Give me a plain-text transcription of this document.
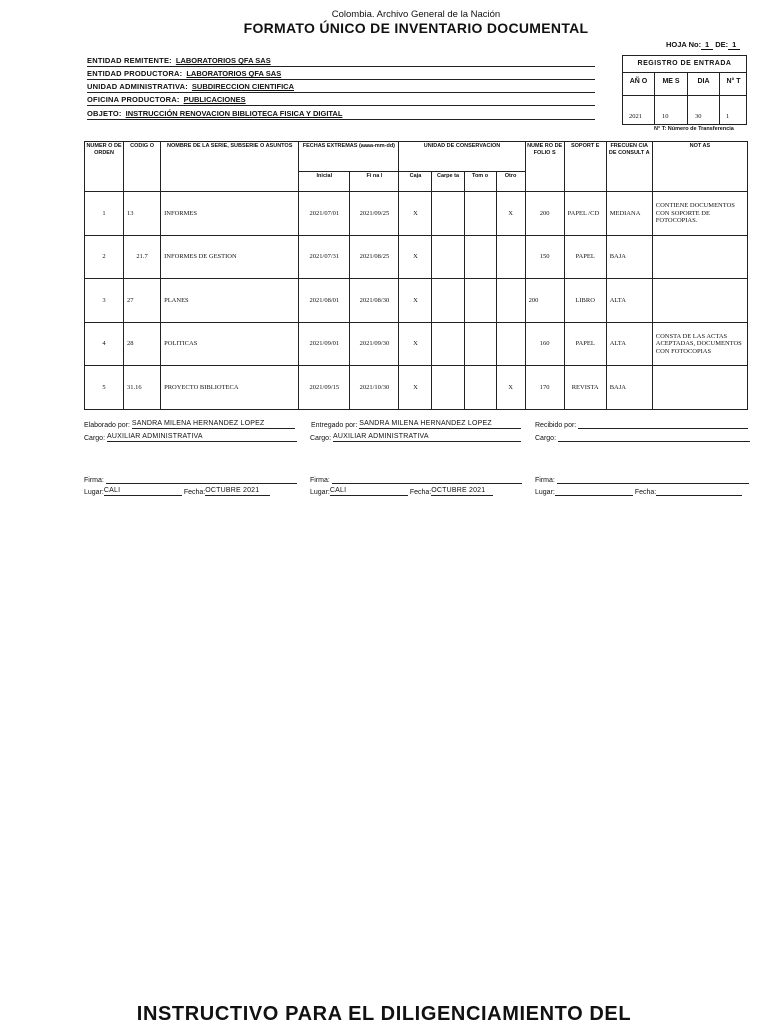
Colombia. Archivo General de la Nación
FORMATO ÚNICO DE INVENTARIO DOCUMENTAL
HOJA No: 1 DE: 1
ENTIDAD REMITENTE: LABORATORIOS QFA SAS
ENTIDAD PRODUCTORA: LABORATORIOS QFA SAS
UNIDAD ADMINISTRATIVA: SUBDIRECCION CIENTIFICA
OFICINA PRODUCTORA: PUBLICACIONES
OBJETO: INSTRUCCIÓN RENOVACION BIBLIOTECA FISICA Y DIGITAL
REGISTRO DE ENTRADA
AÑ O	ME S	DIA	N° T
2021	10	30	1
N° T: Número de Transferencia
NUMER O DE ORDEN	CODIG O	NOMBRE DE LA SERIE, SUBSERIE O ASUNTOS	FECHAS EXTREMAS (aaaa-mm-dd)		UNIDAD DE CONSERVACION				NUME RO DE FOLIO S	SOPORT E	FRECUEN CIA DE CONSULT A	NOT AS
			Inicial	Fi na l	Caja	Carpe ta	Tom o	Otro				
1	13	INFORMES	2021/07/01	2021/09/25	X			X	200	PAPEL /CD	MEDIANA	CONTIENE DOCUMENTOS CON SOPORTE DE FOTOCOPIAS.
2	21.7	INFORMES DE GESTION	2021/07/31	2021/08/25	X				150	PAPEL	BAJA	
3	27	PLANES	2021/08/01	2021/08/30	X				200	LIBRO	ALTA	
4	28	POLITICAS	2021/09/01	2021/09/30	X				160	PAPEL	ALTA	CONSTA DE LAS ACTAS ACEPTADAS, DOCUMENTOS CON FOTOCOPIAS
5	31.16	PROYECTO BIBLIOTECA	2021/09/15	2021/10/30	X			X	170	REVISTA	BAJA	
Elaborado por: SANDRA MILENA HERNANDEZ LOPEZ
Cargo: AUXILIAR ADMINISTRATIVA
Firma:
Lugar:CALI	Fecha:OCTUBRE 2021
Entregado por: SANDRA MILENA HERNANDEZ LOPEZ
Cargo: AUXILIAR ADMINISTRATIVA
Firma:
Lugar:CALI	Fecha:OCTUBRE 2021
Recibido por:
Cargo:
Firma:
Lugar:	Fecha:
INSTRUCTIVO PARA EL DILIGENCIAMIENTO DEL
